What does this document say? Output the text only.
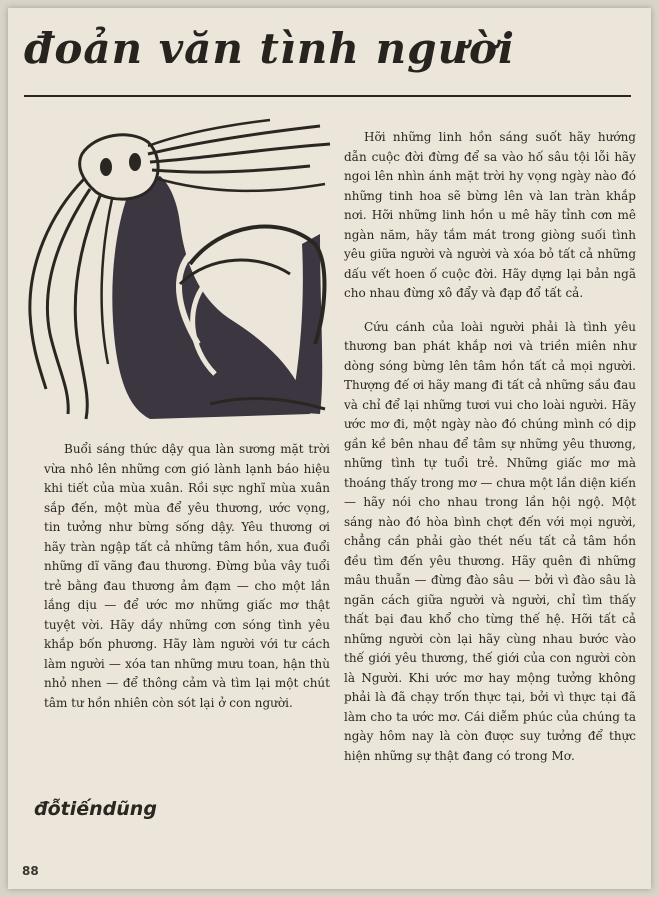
đoản văn tình người

Buổi sáng thức dậy qua làn sương mặt trời vừa nhô lên những cơn gió lành lạnh báo hiệu khi tiết của mùa xuân. Rồi sực nghĩ mùa xuân sắp đến, một mùa để yêu thương, ước vọng, tin tưởng như bừng sống dậy. Yêu thương ơi hãy tràn ngập tất cả những tâm hồn, xua đuổi những dĩ vãng đau thương. Đừng bủa vây tuổi trẻ bằng đau thương ảm đạm — cho một lần lắng dịu — để ước mơ những giấc mơ thật tuyệt vời. Hãy dầy những cơn sóng tình yêu khắp bốn phương. Hãy làm người với tư cách làm người — xóa tan những mưu toan, hận thù nhỏ nhen — để thông cảm và tìm lại một chút tâm tư hồn nhiên còn sót lại ở con người.

Hỡi những linh hồn sáng suốt hãy hướng dẫn cuộc đời đừng để sa vào hố sâu tội lỗi hãy ngoi lên nhìn ánh mặt trời hy vọng ngày nào đó những tinh hoa sẽ bừng lên và lan tràn khắp nơi. Hỡi những linh hồn u mê hãy tỉnh cơn mê ngàn năm, hãy tắm mát trong giòng suối tình yêu giữa người và người và xóa bỏ tất cả những dấu vết hoen ố cuộc đời. Hãy dựng lại bản ngã cho nhau đừng xô đẩy và đạp đổ tất cả.

Cứu cánh của loài người phải là tình yêu thương ban phát khắp nơi và triền miên như dòng sóng bừng lên tâm hồn tất cả mọi người. Thượng đế ơi hãy mang đi tất cả những sầu đau và chỉ để lại những tươi vui cho loài người. Hãy ước mơ đi, một ngày nào đó chúng mình có dịp gần kề bên nhau để tâm sự những yêu thương, những tình tự tuổi trẻ. Những giấc mơ mà thoáng thấy trong mơ — chưa một lần diện kiến — hãy nói cho nhau trong lần hội ngộ. Một sáng nào đó hòa bình chợt đến với mọi người, chẳng cần phải gào thét nếu tất cả tâm hồn đều tìm đến yêu thương. Hãy quên đi những mâu thuẫn — đừng đào sâu — bởi vì đào sâu là ngăn cách giữa người và người, chỉ tìm thấy thất bại đau khổ cho từng thế hệ. Hỡi tất cả những người còn lại hãy cùng nhau bước vào thế giới yêu thương, thế giới của con người còn là Người. Khi ước mơ hay mộng tưởng không phải là đã chạy trốn thực tại, bởi vì thực tại đã làm cho ta ước mơ. Cái diễm phúc của chúng ta ngày hôm nay là còn được suy tưởng để thực hiện những sự thật đang có trong Mơ.

đỗtiếndũng
88
